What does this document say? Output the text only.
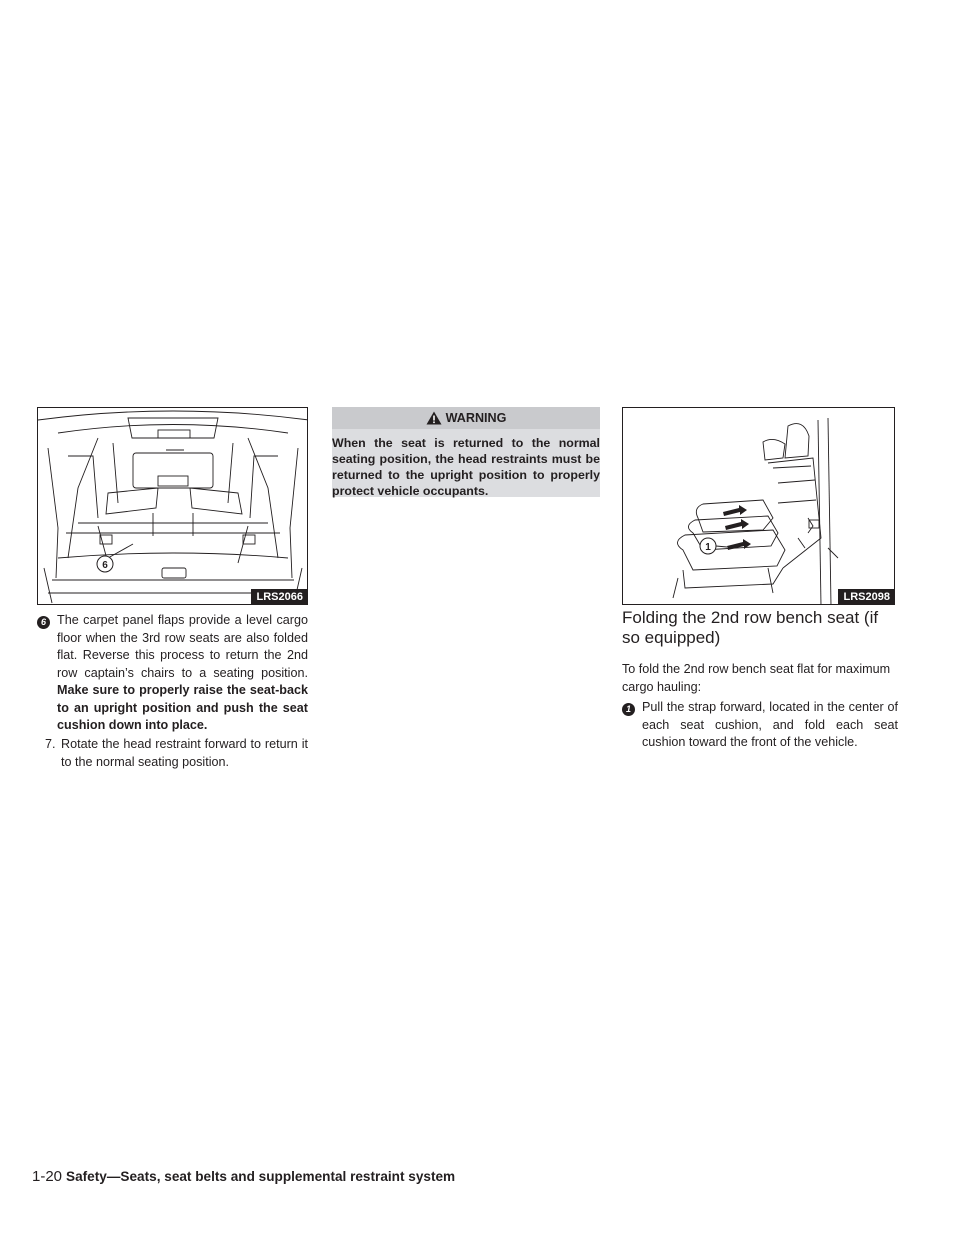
6
LRS2066
6 The carpet panel flaps provide a level cargo floor when the 3rd row seats are also folded flat. Reverse this process to return the 2nd row captain’s chairs to a seating position. Make sure to properly raise the seat-back to an upright position and push the seat cushion down into place.
7. Rotate the head restraint forward to return it to the normal seating position.
WARNING

When the seat is returned to the normal seating position, the head restraints must be returned to the upright position to properly protect vehicle occupants.

1
LRS2098
Folding the 2nd row bench seat (if so equipped)
To fold the 2nd row bench seat flat for maximum cargo hauling:
1 Pull the strap forward, located in the center of each seat cushion, and fold each seat cushion toward the front of the vehicle.
1-20 Safety—Seats, seat belts and supplemental restraint system
